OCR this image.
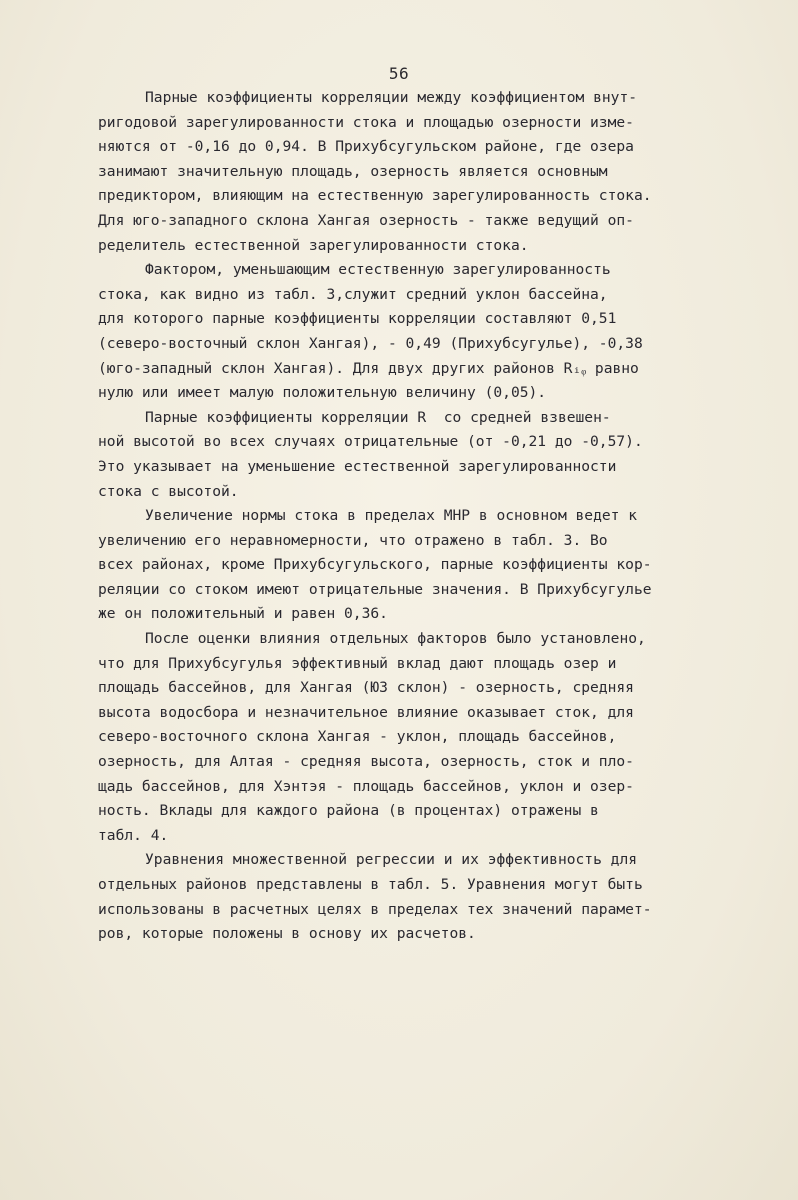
56
Парные коэффициенты корреляции между коэффициентом внут-
ригодовой зарегулированности стока и площадью озерности изме-
няются от -0,16 до 0,94. В Прихубсугульском районе, где озера
занимают значительную площадь, озерность является основным
предиктором, влияющим на естественную зарегулированность стока.
Для юго-западного склона Хангая озерность - также ведущий оп-
ределитель естественной зарегулированности стока.
Фактором, уменьшающим естественную зарегулированность
стока, как видно из табл. 3,служит средний уклон бассейна,
для которого парные коэффициенты корреляции составляют 0,51
(северо-восточный склон Хангая), - 0,49 (Прихубсугулье), -0,38
(юго-западный склон Хангая). Для двух других районов Rᵢᵩ равно
нулю или имеет малую положительную величину (0,05).
Парные коэффициенты корреляции R  со средней взвешен-
ной высотой во всех случаях отрицательные (от -0,21 до -0,57).
Это указывает на уменьшение естественной зарегулированности
стока с высотой.
Увеличение нормы стока в пределах МНР в основном ведет к
увеличению его неравномерности, что отражено в табл. 3. Во
всех районах, кроме Прихубсугульского, парные коэффициенты кор-
реляции со стоком имеют отрицательные значения. В Прихубсугулье
же он положительный и равен 0,36.
После оценки влияния отдельных факторов было установлено,
что для Прихубсугулья эффективный вклад дают площадь озер и
площадь бассейнов, для Хангая (ЮЗ склон) - озерность, средняя
высота водосбора и незначительное влияние оказывает сток, для
северо-восточного склона Хангая - уклон, площадь бассейнов,
озерность, для Алтая - средняя высота, озерность, сток и пло-
щадь бассейнов, для Хэнтэя - площадь бассейнов, уклон и озер-
ность. Вклады для каждого района (в процентах) отражены в
табл. 4.
Уравнения множественной регрессии и их эффективность для
отдельных районов представлены в табл. 5. Уравнения могут быть
использованы в расчетных целях в пределах тех значений парамет-
ров, которые положены в основу их расчетов.
